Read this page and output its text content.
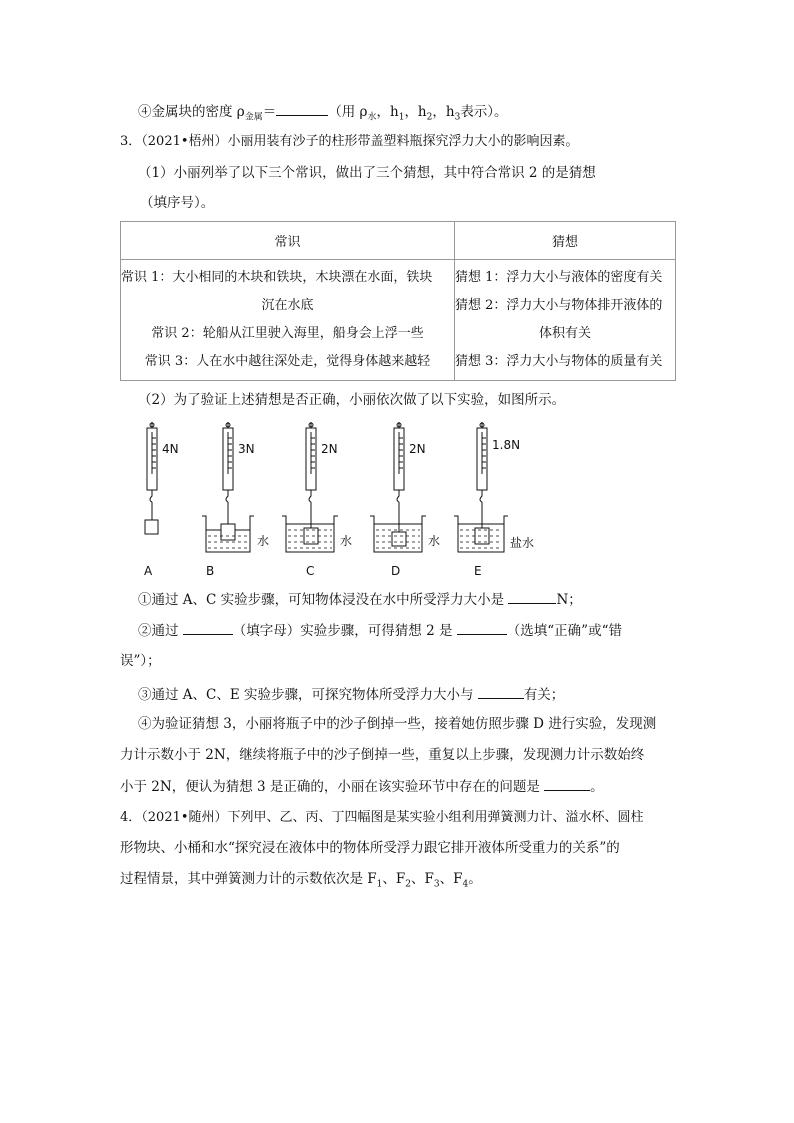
④金属块的密度 $\rho_{金属}=$	（用 $\rho_水$，$h_1$，$h_2$，$h_3$表示）。
3．（2021•梧州）小丽用装有沙子的柱形带盖塑料瓶探究浮力大小的影响因素。
（1）小丽列举了以下三个常识，做出了三个猜想，其中符合常识 2 的是猜想
（填序号）。
常识	猜想

常识 1：大小相同的木块和铁块，木块漂在水面，铁块
沉在水底
常识 2：轮船从江里驶入海里，船身会上浮一些
常识 3：人在水中越往深处走，觉得身体越来越轻	猜想 1：浮力大小与液体的密度有关
猜想 2：浮力大小与物体排开液体的
体积有关
猜想 3：浮力大小与物体的质量有关
（2）为了验证上述猜想是否正确，小丽依次做了以下实验，如图所示。
4N	3N	2N	2N	1.8N
水	水	水	盐水
A	B	C	D	E
①通过 A、C 实验步骤，可知物体浸没在水中所受浮力大小是	N；
②通过	（填字母）实验步骤，可得猜想 2 是	（选填“正确”或“错
误”）；
③通过 A、C、E 实验步骤，可探究物体所受浮力大小与	有关；
④为验证猜想 3，小丽将瓶子中的沙子倒掉一些，接着她仿照步骤 D 进行实验，发现测
力计示数小于 2N，继续将瓶子中的沙子倒掉一些，重复以上步骤，发现测力计示数始终
小于 2N，便认为猜想 3 是正确的，小丽在该实验环节中存在的问题是	。
4．（2021•随州）下列甲、乙、丙、丁四幅图是某实验小组利用弹簧测力计、溢水杯、圆柱
形物块、小桶和水“探究浸在液体中的物体所受浮力跟它排开液体所受重力的关系”的
过程情景，其中弹簧测力计的示数依次是 $F_1$、$F_2$、$F_3$、$F_4$。
